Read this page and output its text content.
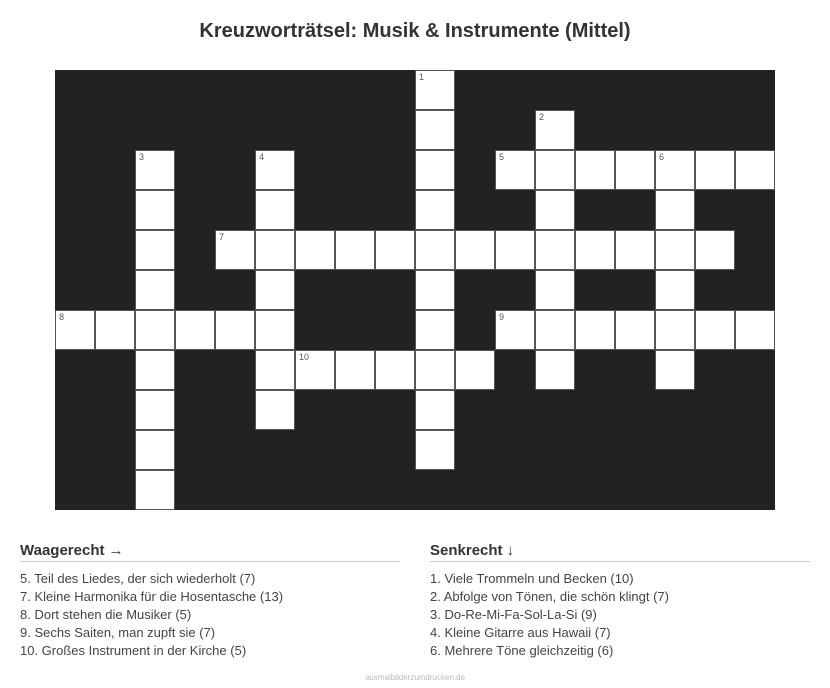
Kreuzworträtsel: Musik & Instrumente (Mittel)
1
2
5	6
3	4
7
8	9
10
Waagerecht →
5. Teil des Liedes, der sich wiederholt (7)
7. Kleine Harmonika für die Hosentasche (13)
8. Dort stehen die Musiker (5)
9. Sechs Saiten, man zupft sie (7)
10. Großes Instrument in der Kirche (5)
Senkrecht ↓
1. Viele Trommeln und Becken (10)
2. Abfolge von Tönen, die schön klingt (7)
3. Do-Re-Mi-Fa-Sol-La-Si (9)
4. Kleine Gitarre aus Hawaii (7)
6. Mehrere Töne gleichzeitig (6)
ausmalbilderzumdrucken.de
